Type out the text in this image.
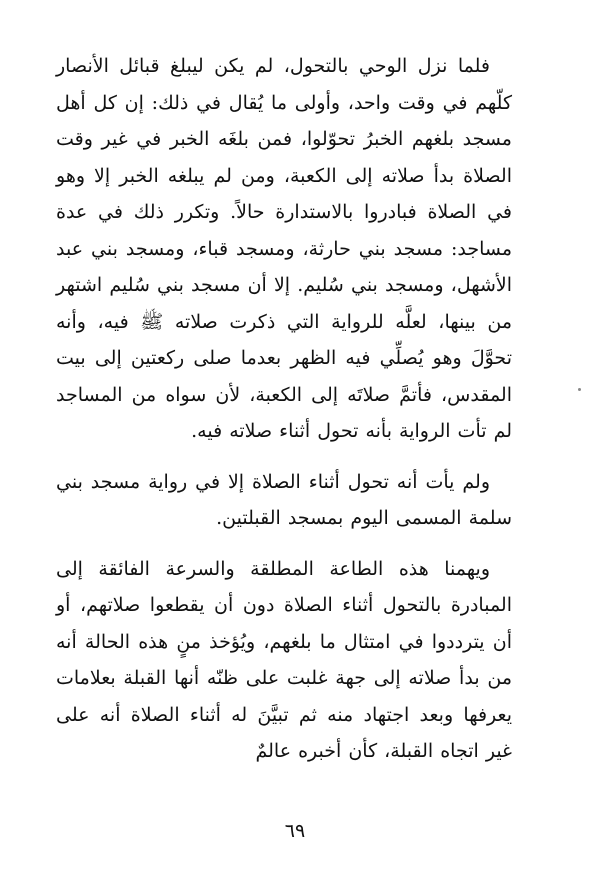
فلما نزل الوحي بالتحول، لم يكن ليبلغ قبائل الأنصار كلّهم في وقت واحد، وأولى ما يُقال في ذلك: إن كل أهل مسجد بلغهم الخبرُ تحوّلوا، فمن بلغَه الخبر في غير وقت الصلاة بدأ صلاته إلى الكعبة، ومن لم يبلغه الخبر إلا وهو في الصلاة فبادروا بالاستدارة حالاً. وتكرر ذلك في عدة مساجد: مسجد بني حارثة، ومسجد قباء، ومسجد بني عبد الأشهل، ومسجد بني سُليم. إلا أن مسجد بني سُليم اشتهر من بينها، لعلَّه للرواية التي ذكرت صلاته ﷺ فيه، وأنه تحوَّلَ وهو يُصلِّي فيه الظهر بعدما صلى ركعتين إلى بيت المقدس، فأتمَّ صلاتَه إلى الكعبة، لأن سواه من المساجد لم تأت الرواية بأنه تحول أثناء صلاته فيه.

ولم يأت أنه تحول أثناء الصلاة إلا في رواية مسجد بني سلمة المسمى اليوم بمسجد القبلتين.

ويهمنا هذه الطاعة المطلقة والسرعة الفائقة إلى المبادرة بالتحول أثناء الصلاة دون أن يقطعوا صلاتهم، أو أن يترددوا في امتثال ما بلغهم، ويُؤخذ منٍ هذه الحالة أنه من بدأ صلاته إلى جهة غلبت على ظنّه أنها القبلة بعلامات يعرفها وبعد اجتهاد منه ثم تبيَّنَ له أثناء الصلاة أنه على غير اتجاه القبلة، كأن أخبره عالمٌ

٦٩
